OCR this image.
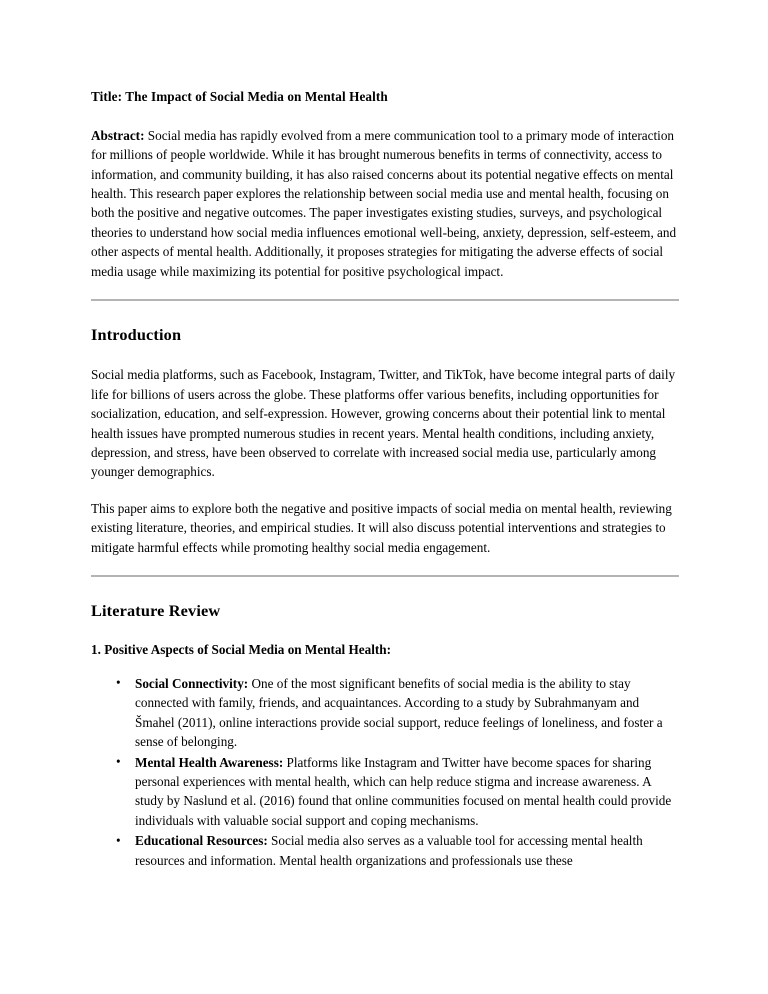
Title: The Impact of Social Media on Mental Health

Abstract: Social media has rapidly evolved from a mere communication tool to a primary mode of interaction for millions of people worldwide. While it has brought numerous benefits in terms of connectivity, access to information, and community building, it has also raised concerns about its potential negative effects on mental health. This research paper explores the relationship between social media use and mental health, focusing on both the positive and negative outcomes. The paper investigates existing studies, surveys, and psychological theories to understand how social media influences emotional well-being, anxiety, depression, self-esteem, and other aspects of mental health. Additionally, it proposes strategies for mitigating the adverse effects of social media usage while maximizing its potential for positive psychological impact.

Introduction

Social media platforms, such as Facebook, Instagram, Twitter, and TikTok, have become integral parts of daily life for billions of users across the globe. These platforms offer various benefits, including opportunities for socialization, education, and self-expression. However, growing concerns about their potential link to mental health issues have prompted numerous studies in recent years. Mental health conditions, including anxiety, depression, and stress, have been observed to correlate with increased social media use, particularly among younger demographics.

This paper aims to explore both the negative and positive impacts of social media on mental health, reviewing existing literature, theories, and empirical studies. It will also discuss potential interventions and strategies to mitigate harmful effects while promoting healthy social media engagement.

Literature Review
1. Positive Aspects of Social Media on Mental Health:
• Social Connectivity: One of the most significant benefits of social media is the ability to stay connected with family, friends, and acquaintances. According to a study by Subrahmanyam and Šmahel (2011), online interactions provide social support, reduce feelings of loneliness, and foster a sense of belonging.
• Mental Health Awareness: Platforms like Instagram and Twitter have become spaces for sharing personal experiences with mental health, which can help reduce stigma and increase awareness. A study by Naslund et al. (2016) found that online communities focused on mental health could provide individuals with valuable social support and coping mechanisms.
• Educational Resources: Social media also serves as a valuable tool for accessing mental health resources and information. Mental health organizations and professionals use these
